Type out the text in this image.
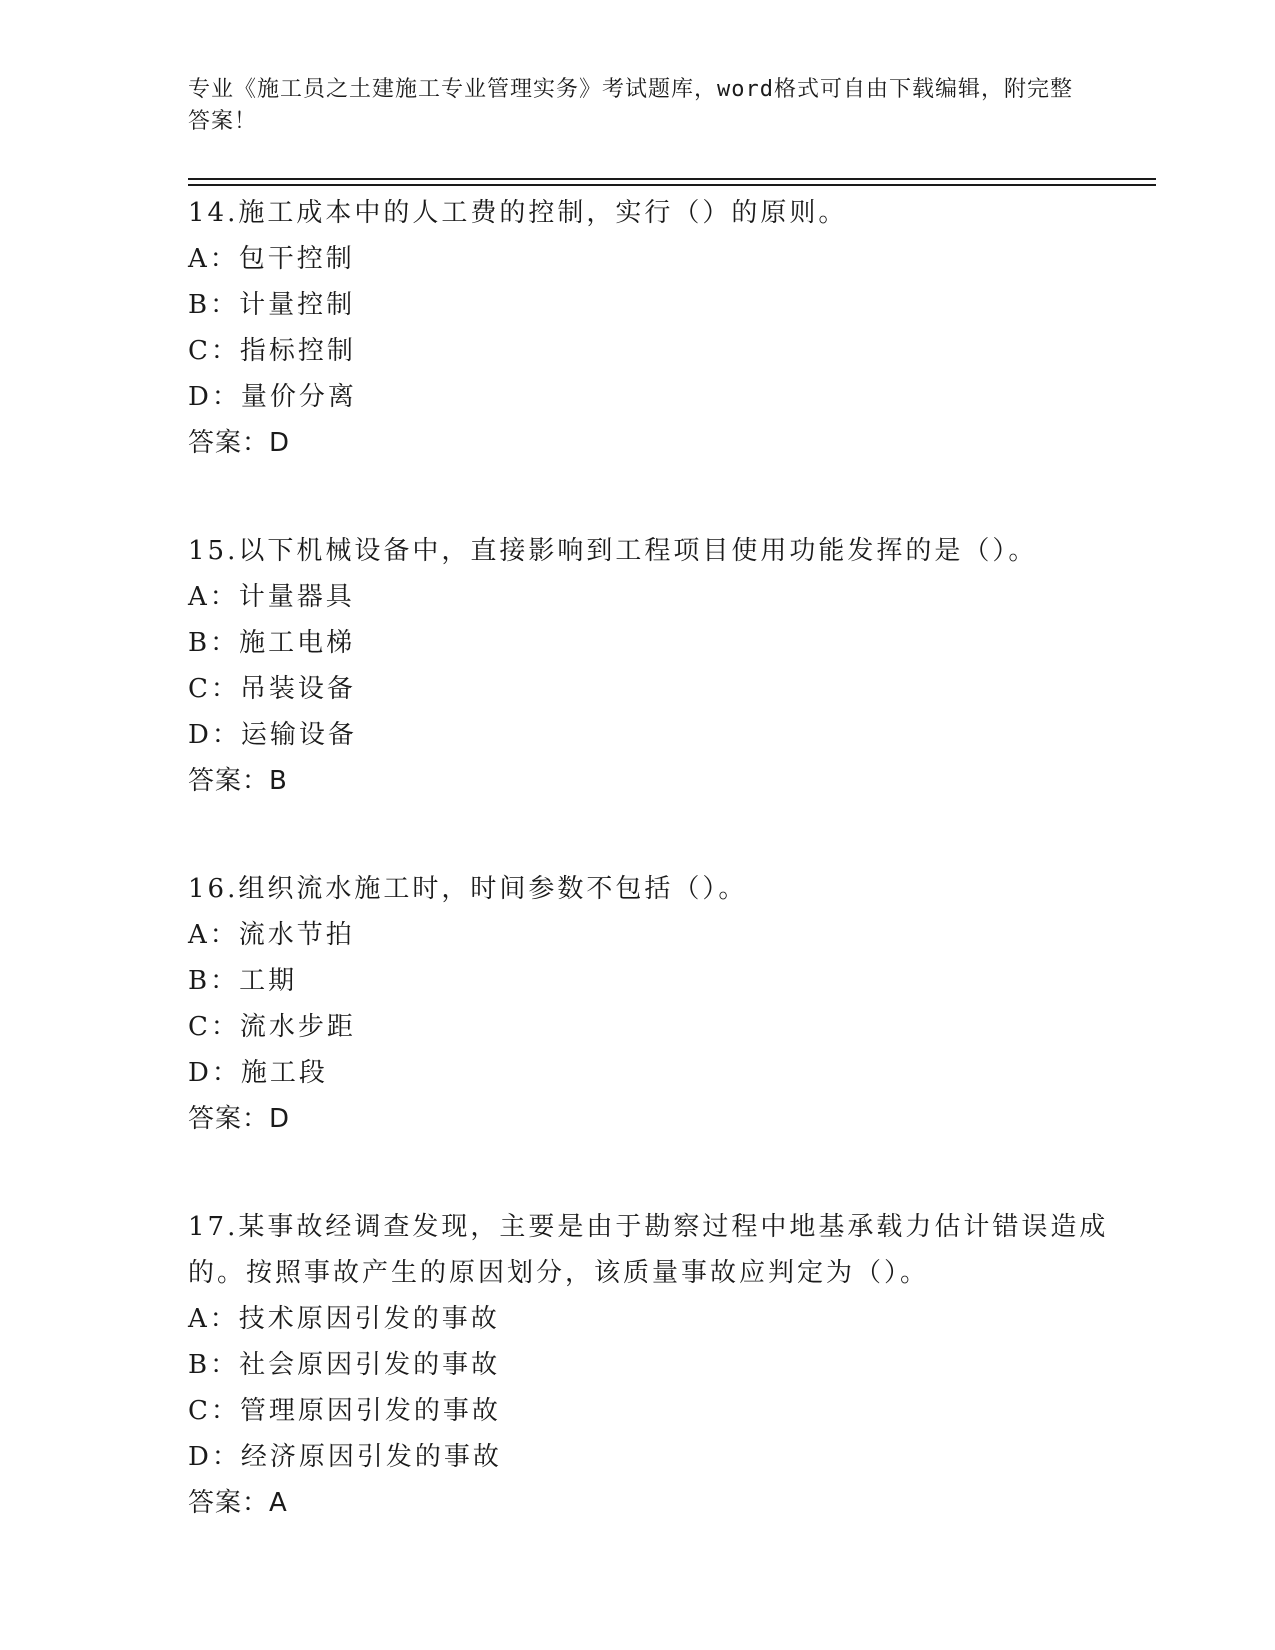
专业《施工员之土建施工专业管理实务》考试题库，word格式可自由下载编辑，附完整答案！
14.施工成本中的人工费的控制，实行（）的原则。
A：包干控制
B：计量控制
C：指标控制
D：量价分离
答案：D
15.以下机械设备中，直接影响到工程项目使用功能发挥的是（）。
A：计量器具
B：施工电梯
C：吊装设备
D：运输设备
答案：B
16.组织流水施工时，时间参数不包括（）。
A：流水节拍
B：工期
C：流水步距
D：施工段
答案：D
17.某事故经调查发现，主要是由于勘察过程中地基承载力估计错误造成的。按照事故产生的原因划分，该质量事故应判定为（）。
A：技术原因引发的事故
B：社会原因引发的事故
C：管理原因引发的事故
D：经济原因引发的事故
答案：A
